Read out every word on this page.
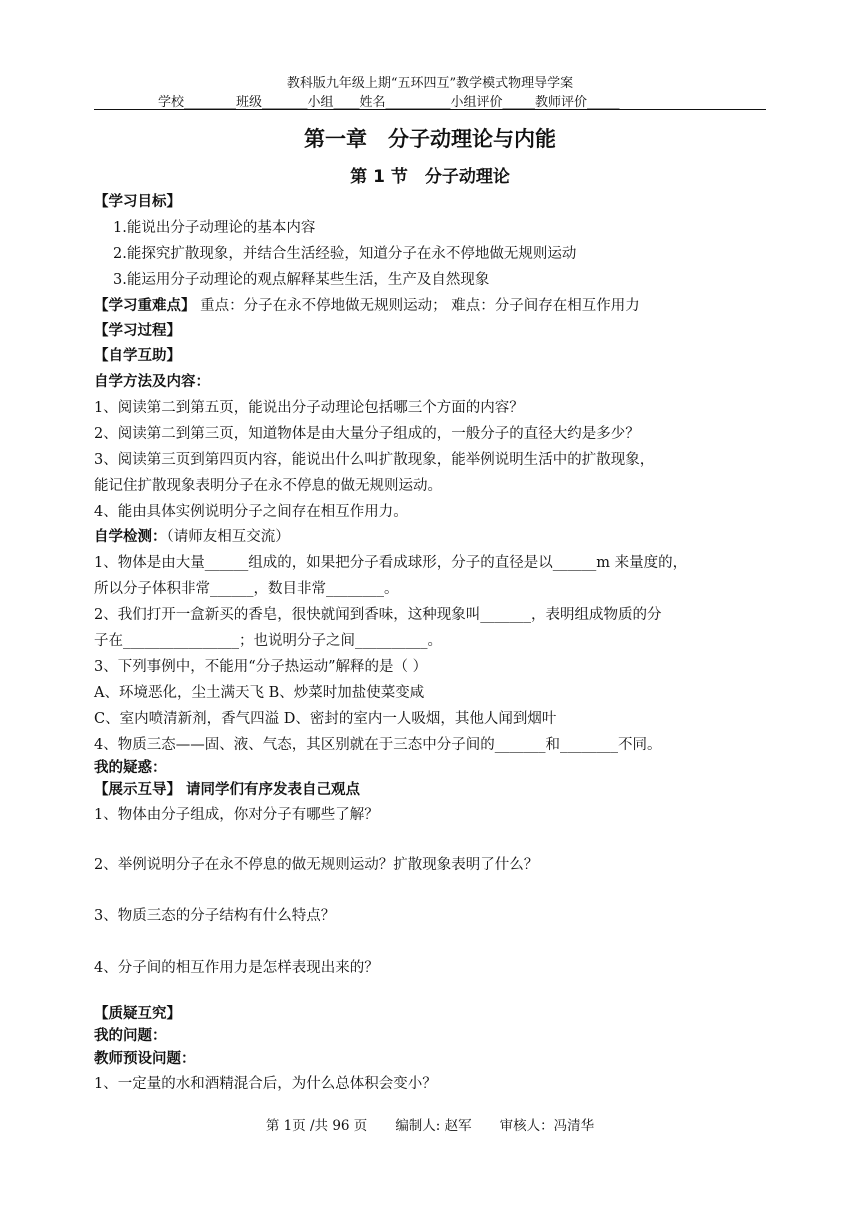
教科版九年级上期“五环四互”教学模式物理导学案
学校________班级_______小组____姓名__________小组评价_____教师评价_____
第一章　分子动理论与内能
第 1 节　分子动理论
【学习目标】
1.能说出分子动理论的基本内容
2.能探究扩散现象，并结合生活经验，知道分子在永不停地做无规则运动
3.能运用分子动理论的观点解释某些生活，生产及自然现象
【学习重难点】 重点：分子在永不停地做无规则运动； 难点：分子间存在相互作用力
【学习过程】
【自学互助】
自学方法及内容：
1、阅读第二到第五页，能说出分子动理论包括哪三个方面的内容？
2、阅读第二到第三页，知道物体是由大量分子组成的，一般分子的直径大约是多少？
3、阅读第三页到第四页内容，能说出什么叫扩散现象，能举例说明生活中的扩散现象，
能记住扩散现象表明分子在永不停息的做无规则运动。
4、能由具体实例说明分子之间存在相互作用力。
自学检测：（请师友相互交流）
1、物体是由大量______组成的，如果把分子看成球形，分子的直径是以______m 来量度的，
所以分子体积非常______，数目非常________。
2、我们打开一盒新买的香皂，很快就闻到香味，这种现象叫_______，表明组成物质的分
子在________________；也说明分子之间__________。
3、下列事例中，不能用“分子热运动”解释的是（ ）
A、环境恶化，尘土满天飞 B、炒菜时加盐使菜变咸
C、室内喷清新剂，香气四溢 D、密封的室内一人吸烟，其他人闻到烟叶
4、物质三态——固、液、气态，其区别就在于三态中分子间的_______和________不同。
我的疑惑：
【展示互导】 请同学们有序发表自己观点
1、物体由分子组成，你对分子有哪些了解？
2、举例说明分子在永不停息的做无规则运动？扩散现象表明了什么？
3、物质三态的分子结构有什么特点？
4、分子间的相互作用力是怎样表现出来的？
【质疑互究】
我的问题：
教师预设问题：
1、一定量的水和酒精混合后，为什么总体积会变小？
第 1页 /共 96 页 编制人: 赵军 审核人：冯清华
